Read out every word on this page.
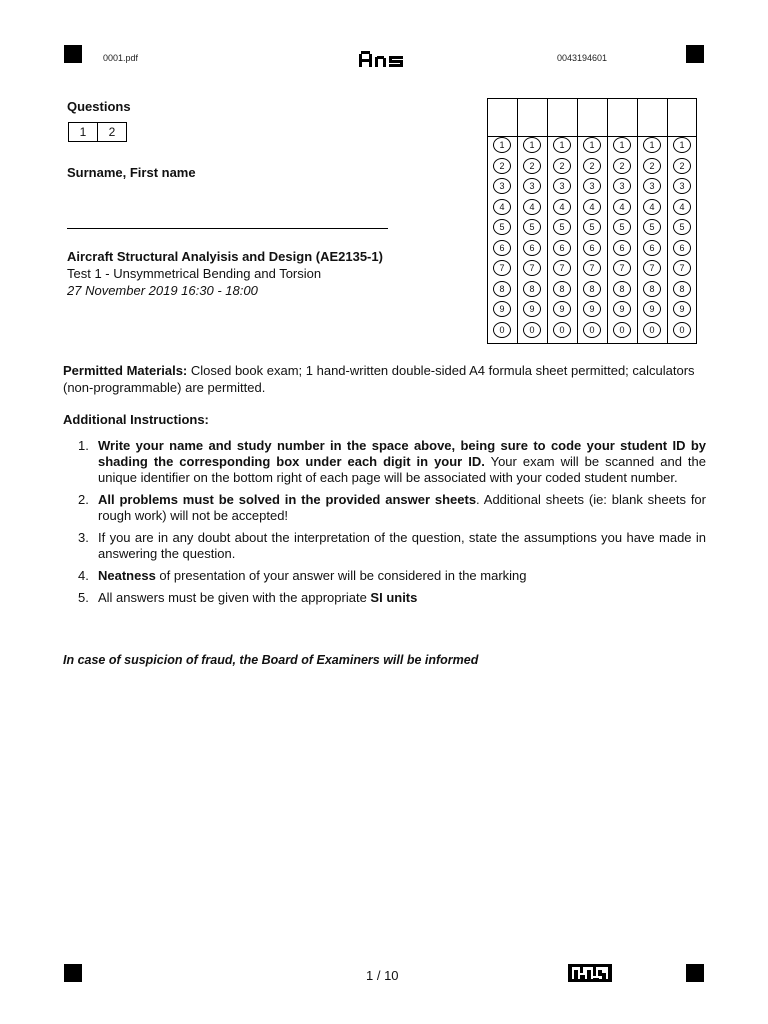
0001.pdf	0043194601
Questions
1	2
Surname, First name
Aircraft Structural Analyisis and Design (AE2135-1)
Test 1 - Unsymmetrical Bending and Torsion
27 November 2019 16:30 - 18:00
1
2
3
4
5
6
7
8
9
0
1
2
3
4
5
6
7
8
9
0
1
2
3
4
5
6
7
8
9
0
1
2
3
4
5
6
7
8
9
0
1
2
3
4
5
6
7
8
9
0
1
2
3
4
5
6
7
8
9
0
1
2
3
4
5
6
7
8
9
0
Permitted Materials: Closed book exam; 1 hand-written double-sided A4 formula sheet permitted; calculators (non-programmable) are permitted.
Additional Instructions:
1. Write your name and study number in the space above, being sure to code your student ID by shading the corresponding box under each digit in your ID. Your exam will be scanned and the unique identifier on the bottom right of each page will be associated with your coded student number.
2. All problems must be solved in the provided answer sheets. Additional sheets (ie: blank sheets for rough work) will not be accepted!
3. If you are in any doubt about the interpretation of the question, state the assumptions you have made in answering the question.
4. Neatness of presentation of your answer will be considered in the marking
5. All answers must be given with the appropriate SI units
In case of suspicion of fraud, the Board of Examiners will be informed
1 / 10
